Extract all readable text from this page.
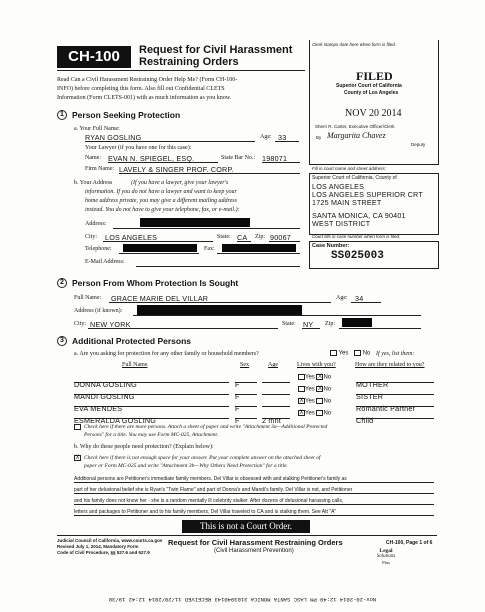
CH-100	Request for Civil Harassment
Restraining Orders
Clerk stamps date here when form is filed.
FILED
Superior Court of California
County of Los Angeles
NOV 20 2014
Sherri R. Carter, Executive Officer/Clerk
By Margarita Chavez
Deputy
Fill in court name and street address:
Superior Court of California, County of
LOS ANGELES
LOS ANGELES SUPERIOR CRT
1725 MAIN STREET
SANTA MONICA, CA 90401
WEST DISTRICT
Court fills in case number when form is filed.
Case Number:
SS025003
Read Can a Civil Harassment Restraining Order Help Me? (Form CH-100-
INFO) before completing this form. Also fill out Confidential CLETS
Information (Form CLETS-001) with as much information as you know.
1 Person Seeking Protection
a. Your Full Name:
RYAN GOSLING	Age: 33
Your Lawyer (if you have one for this case):
Name: EVAN N. SPIEGEL, ESQ.	State Bar No.: 198071
Firm Name: LAVELY & SINGER PROF. CORP.
b. Your Address	(If you have a lawyer, give your lawyer's
information. If you do not have a lawyer and want to keep your
home address private, you may give a different mailing address
instead. You do not have to give your telephone, fax, or e-mail.):
Address:
City: LOS ANGELES	State: CA Zip: 90067
Telephone:	Fax:
E-Mail Address:
2 Person From Whom Protection Is Sought
Full Name: GRACE MARIE DEL VILLAR	Age: 34
Address (if known):
City: NEW YORK	State: NY Zip:
3 Additional Protected Persons
a. Are you asking for protection for any other family or household members?	Yes No If yes, list them:
Full Name	Sex	Age	Lives with you?	How are they related to you?
DONNA GOSLING	F
Yes X No
MOTHER
MANDI GOSLING	F
Yes X No
SISTER
EVA MENDES	F
X Yes No
Romantic Partner
ESMERALDA GOSLING	F	2 mnt
X Yes No
Child
Check here if there are more persons. Attach a sheet of paper and write "Attachment 3a—Additional Protected
Persons" for a title. You may use Form MC-025, Attachment.
b. Why do these people need protection? (Explain below):
X Check here if there is not enough space for your answer. Put your complete answer on the attached sheet of
paper or Form MC-025 and write "Attachment 3b—Why Others Need Protection" for a title.
Additional persons are Petitioner's immediate family members. Del Villar is obsessed with and stalking Petitioner's family as
part of her delusional belief she is Ryan's "Twin Flame" and part of Donna's and Mandi's family. Del Villar is not, and Petitioner
and his family does not know her - she is a random mentally ill celebrity stalker. After dozens of delusional harassing calls,
letters and packages to Petitioner and to his family members, Del Villar traveled to CA and is stalking them. See Att "A"
This is not a Court Order.
Judicial Council of California, www.courts.ca.gov
Revised July 1, 2014, Mandatory Form
Code of Civil Procedure, §§ 527.6 and 527.9
Request for Civil Harassment Restraining Orders
(Civil Harassment Prevention)
CH-100, Page 1 of 6
Legal
Solutions
Plus
Nov-20-2014 12:40 PM LASC SANTA MONICA 3103940143 RECEIVED 11/20/2014 12:42 19/38
